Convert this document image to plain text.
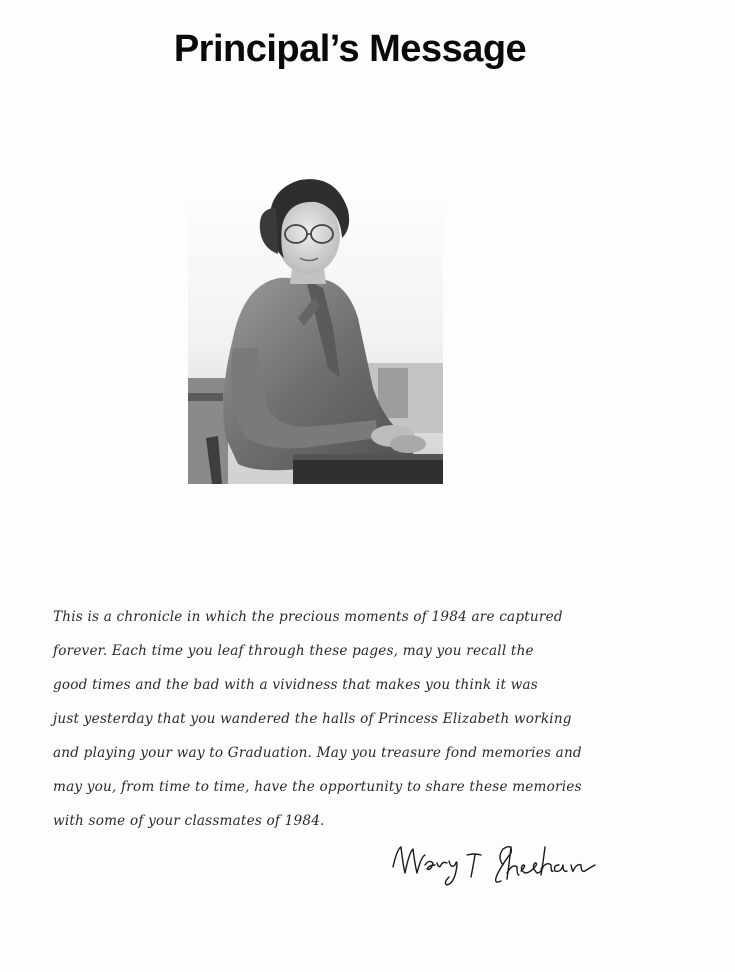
Principal’s Message
This is a chronicle in which the precious moments of 1984 are captured
forever. Each time you leaf through these pages, may you recall the
good times and the bad with a vividness that makes you think it was
just yesterday that you wandered the halls of Princess Elizabeth working
and playing your way to Graduation. May you treasure fond memories and
may you, from time to time, have the opportunity to share these memories
with some of your classmates of 1984.
